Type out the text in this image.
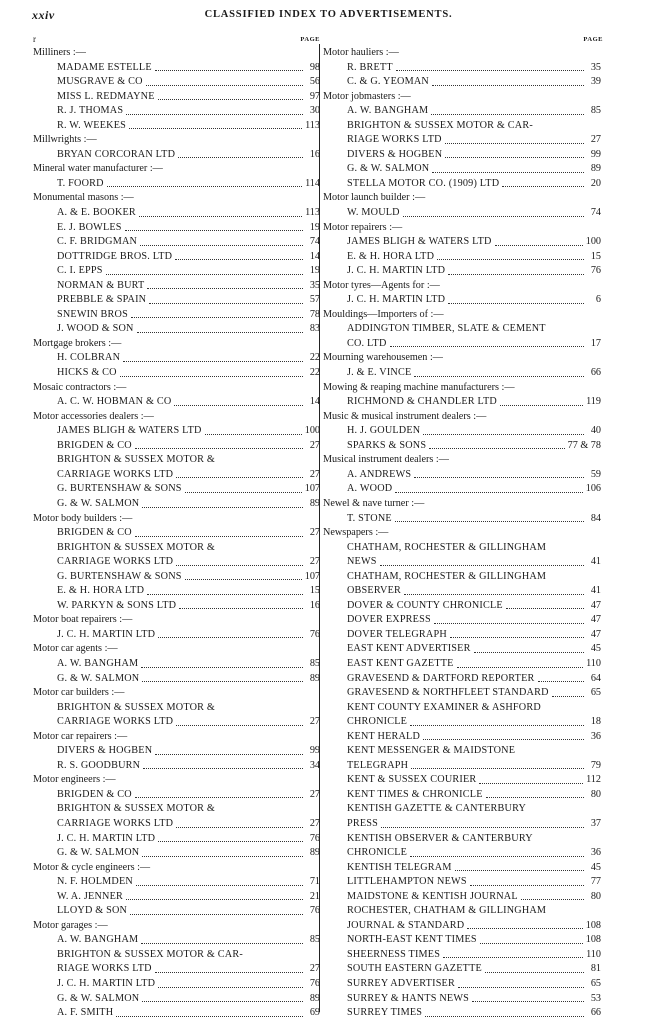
xxiv	CLASSIFIED INDEX TO ADVERTISEMENTS.
r	PAGE
Milliners :—
MADAME ESTELLE	98
MUSGRAVE & CO	56
MISS L. REDMAYNE	97
R. J. THOMAS	30
R. W. WEEKES	113
Millwrights :—
BRYAN CORCORAN LTD	16
Mineral water manufacturer :—
T. FOORD	114
Monumental masons :—
A. & E. BOOKER	113
E. J. BOWLES	19
C. F. BRIDGMAN	74
DOTTRIDGE BROS. LTD	14
C. I. EPPS	19
NORMAN & BURT	35
PREBBLE & SPAIN	57
SNEWIN BROS	78
J. WOOD & SON	83
Mortgage brokers :—
H. COLBRAN	22
HICKS & CO	22
Mosaic contractors :—
A. C. W. HOBMAN & CO	14
Motor accessories dealers :—
JAMES BLIGH & WATERS LTD	100
BRIGDEN & CO	27
BRIGHTON & SUSSEX MOTOR &
CARRIAGE WORKS LTD	27
G. BURTENSHAW & SONS	107
G. & W. SALMON	89
Motor body builders :—
BRIGDEN & CO	27
BRIGHTON & SUSSEX MOTOR &
CARRIAGE WORKS LTD	27
G. BURTENSHAW & SONS	107
E. & H. HORA LTD	15
W. PARKYN & SONS LTD	16
Motor boat repairers :—
J. C. H. MARTIN LTD	76
Motor car agents :—
A. W. BANGHAM	85
G. & W. SALMON	89
Motor car builders :—
BRIGHTON & SUSSEX MOTOR &
CARRIAGE WORKS LTD	27
Motor car repairers :—
DIVERS & HOGBEN	99
R. S. GOODBURN	34
Motor engineers :—
BRIGDEN & CO	27
BRIGHTON & SUSSEX MOTOR &
CARRIAGE WORKS LTD	27
J. C. H. MARTIN LTD	76
G. & W. SALMON	89
Motor & cycle engineers :—
N. F. HOLMDEN	71
W. A. JENNER	21
LLOYD & SON	76
Motor garages :—
A. W. BANGHAM	85
BRIGHTON & SUSSEX MOTOR & CAR-
RIAGE WORKS LTD	27
J. C. H. MARTIN LTD	76
G. & W. SALMON	89
A. F. SMITH	69
PAGE
Motor hauliers :—
R. BRETT	35
C. & G. YEOMAN	39
Motor jobmasters :—
A. W. BANGHAM	85
BRIGHTON & SUSSEX MOTOR & CAR-
RIAGE WORKS LTD	27
DIVERS & HOGBEN	99
G. & W. SALMON	89
STELLA MOTOR CO. (1909) LTD	20
Motor launch builder :—
W. MOULD	74
Motor repairers :—
JAMES BLIGH & WATERS LTD	100
E. & H. HORA LTD	15
J. C. H. MARTIN LTD	76
Motor tyres—Agents for :—
J. C. H. MARTIN LTD	6
Mouldings—Importers of :—
ADDINGTON TIMBER, SLATE & CEMENT
CO. LTD	17
Mourning warehousemen :—
J. & E. VINCE	66
Mowing & reaping machine manufacturers :—
RICHMOND & CHANDLER LTD	119
Music & musical instrument dealers :—
H. J. GOULDEN	40
SPARKS & SONS	77 & 78
Musical instrument dealers :—
A. ANDREWS	59
A. WOOD	106
Newel & nave turner :—
T. STONE	84
Newspapers :—
CHATHAM, ROCHESTER & GILLINGHAM
NEWS	41
CHATHAM, ROCHESTER & GILLINGHAM
OBSERVER	41
DOVER & COUNTY CHRONICLE	47
DOVER EXPRESS	47
DOVER TELEGRAPH	47
EAST KENT ADVERTISER	45
EAST KENT GAZETTE	110
GRAVESEND & DARTFORD REPORTER	64
GRAVESEND & NORTHFLEET STANDARD	65
KENT COUNTY EXAMINER & ASHFORD
CHRONICLE	18
KENT HERALD	36
KENT MESSENGER & MAIDSTONE
TELEGRAPH	79
KENT & SUSSEX COURIER	112
KENT TIMES & CHRONICLE	80
KENTISH GAZETTE & CANTERBURY
PRESS	37
KENTISH OBSERVER & CANTERBURY
CHRONICLE	36
KENTISH TELEGRAM	45
LITTLEHAMPTON NEWS	77
MAIDSTONE & KENTISH JOURNAL	80
ROCHESTER, CHATHAM & GILLINGHAM
JOURNAL & STANDARD	108
NORTH-EAST KENT TIMES	108
SHEERNESS TIMES	110
SOUTH EASTERN GAZETTE	81
SURREY ADVERTISER	65
SURREY & HANTS NEWS	53
SURREY TIMES	66
